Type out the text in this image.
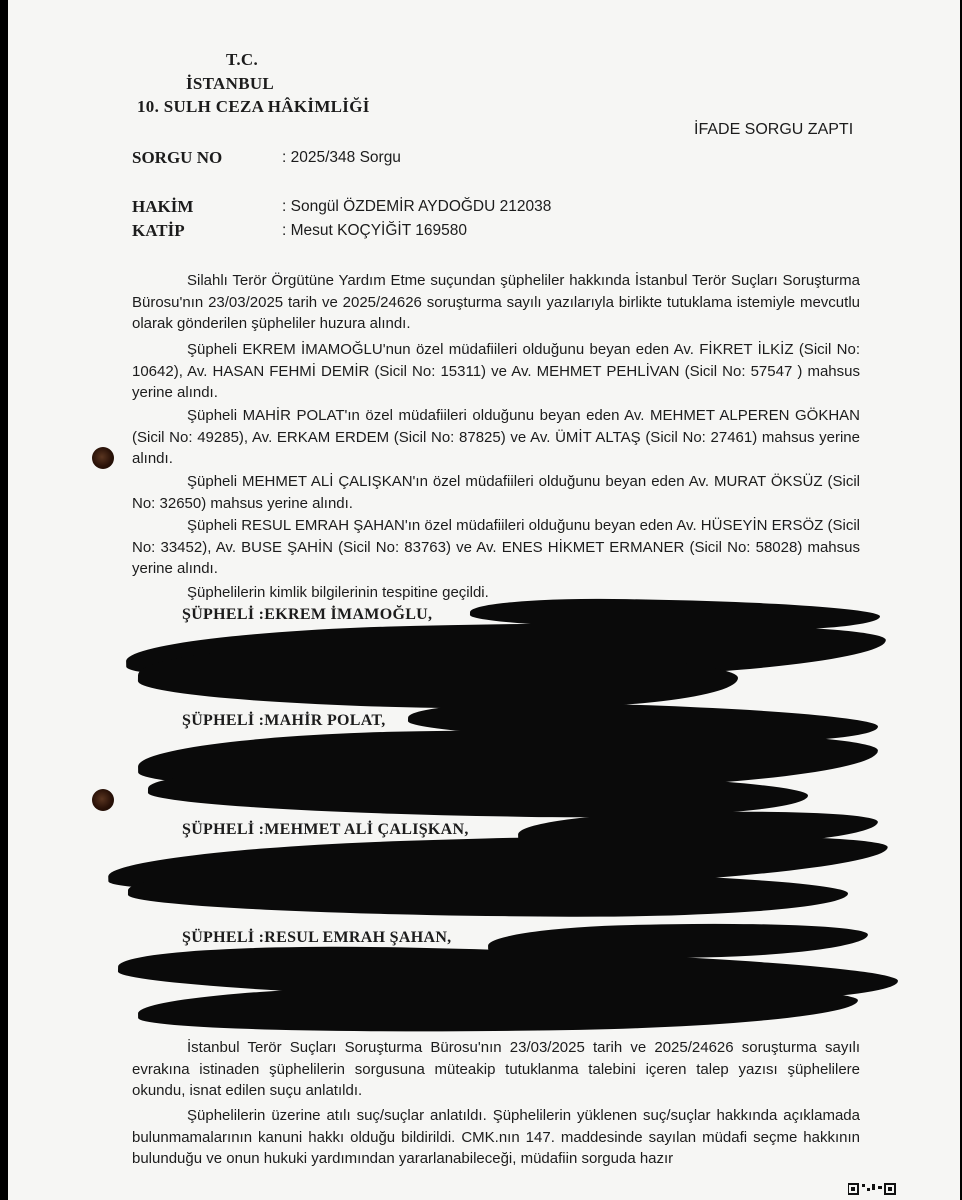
T.C.
İSTANBUL
10. SULH CEZA HÂKİMLİĞİ
İFADE SORGU ZAPTI
SORGU NO	: 2025/348 Sorgu
HAKİM	: Songül ÖZDEMİR AYDOĞDU 212038
KATİP	: Mesut KOÇYİĞİT 169580

Silahlı Terör Örgütüne Yardım Etme suçundan şüpheliler hakkında İstanbul Terör Suçları Soruşturma Bürosu'nın 23/03/2025 tarih ve 2025/24626 soruşturma sayılı yazılarıyla birlikte tutuklama istemiyle mevcutlu olarak gönderilen şüpheliler huzura alındı.

Şüpheli EKREM İMAMOĞLU'nun özel müdafiileri olduğunu beyan eden Av. FİKRET İLKİZ (Sicil No: 10642), Av. HASAN FEHMİ DEMİR (Sicil No: 15311) ve Av. MEHMET PEHLİVAN (Sicil No: 57547 ) mahsus yerine alındı.

Şüpheli MAHİR POLAT'ın özel müdafiileri olduğunu beyan eden Av. MEHMET ALPEREN GÖKHAN (Sicil No: 49285), Av. ERKAM ERDEM (Sicil No: 87825) ve Av. ÜMİT ALTAŞ (Sicil No: 27461) mahsus yerine alındı.

Şüpheli MEHMET ALİ ÇALIŞKAN'ın özel müdafiileri olduğunu beyan eden Av. MURAT ÖKSÜZ (Sicil No: 32650) mahsus yerine alındı.

Şüpheli RESUL EMRAH ŞAHAN'ın özel müdafiileri olduğunu beyan eden Av. HÜSEYİN ERSÖZ (Sicil No: 33452), Av. BUSE ŞAHİN (Sicil No: 83763) ve Av. ENES HİKMET ERMANER (Sicil No: 58028) mahsus yerine alındı.

Şüphelilerin kimlik bilgilerinin tespitine geçildi.

ŞÜPHELİ :EKREM İMAMOĞLU,
ŞÜPHELİ :MAHİR POLAT,
ŞÜPHELİ :MEHMET ALİ ÇALIŞKAN,
ŞÜPHELİ :RESUL EMRAH ŞAHAN,

İstanbul Terör Suçları Soruşturma Bürosu'nın 23/03/2025 tarih ve 2025/24626 soruşturma sayılı evrakına istinaden şüphelilerin sorgusuna müteakip tutuklanma talebini içeren talep yazısı şüphelilere okundu, isnat edilen suçu anlatıldı.

Şüphelilerin üzerine atılı suç/suçlar anlatıldı. Şüphelilerin yüklenen suç/suçlar hakkında açıklamada bulunmamalarının kanuni hakkı olduğu bildirildi. CMK.nın 147. maddesinde sayılan müdafi seçme hakkının bulunduğu ve onun hukuki yardımından yararlanabileceği, müdafiin sorguda hazır
